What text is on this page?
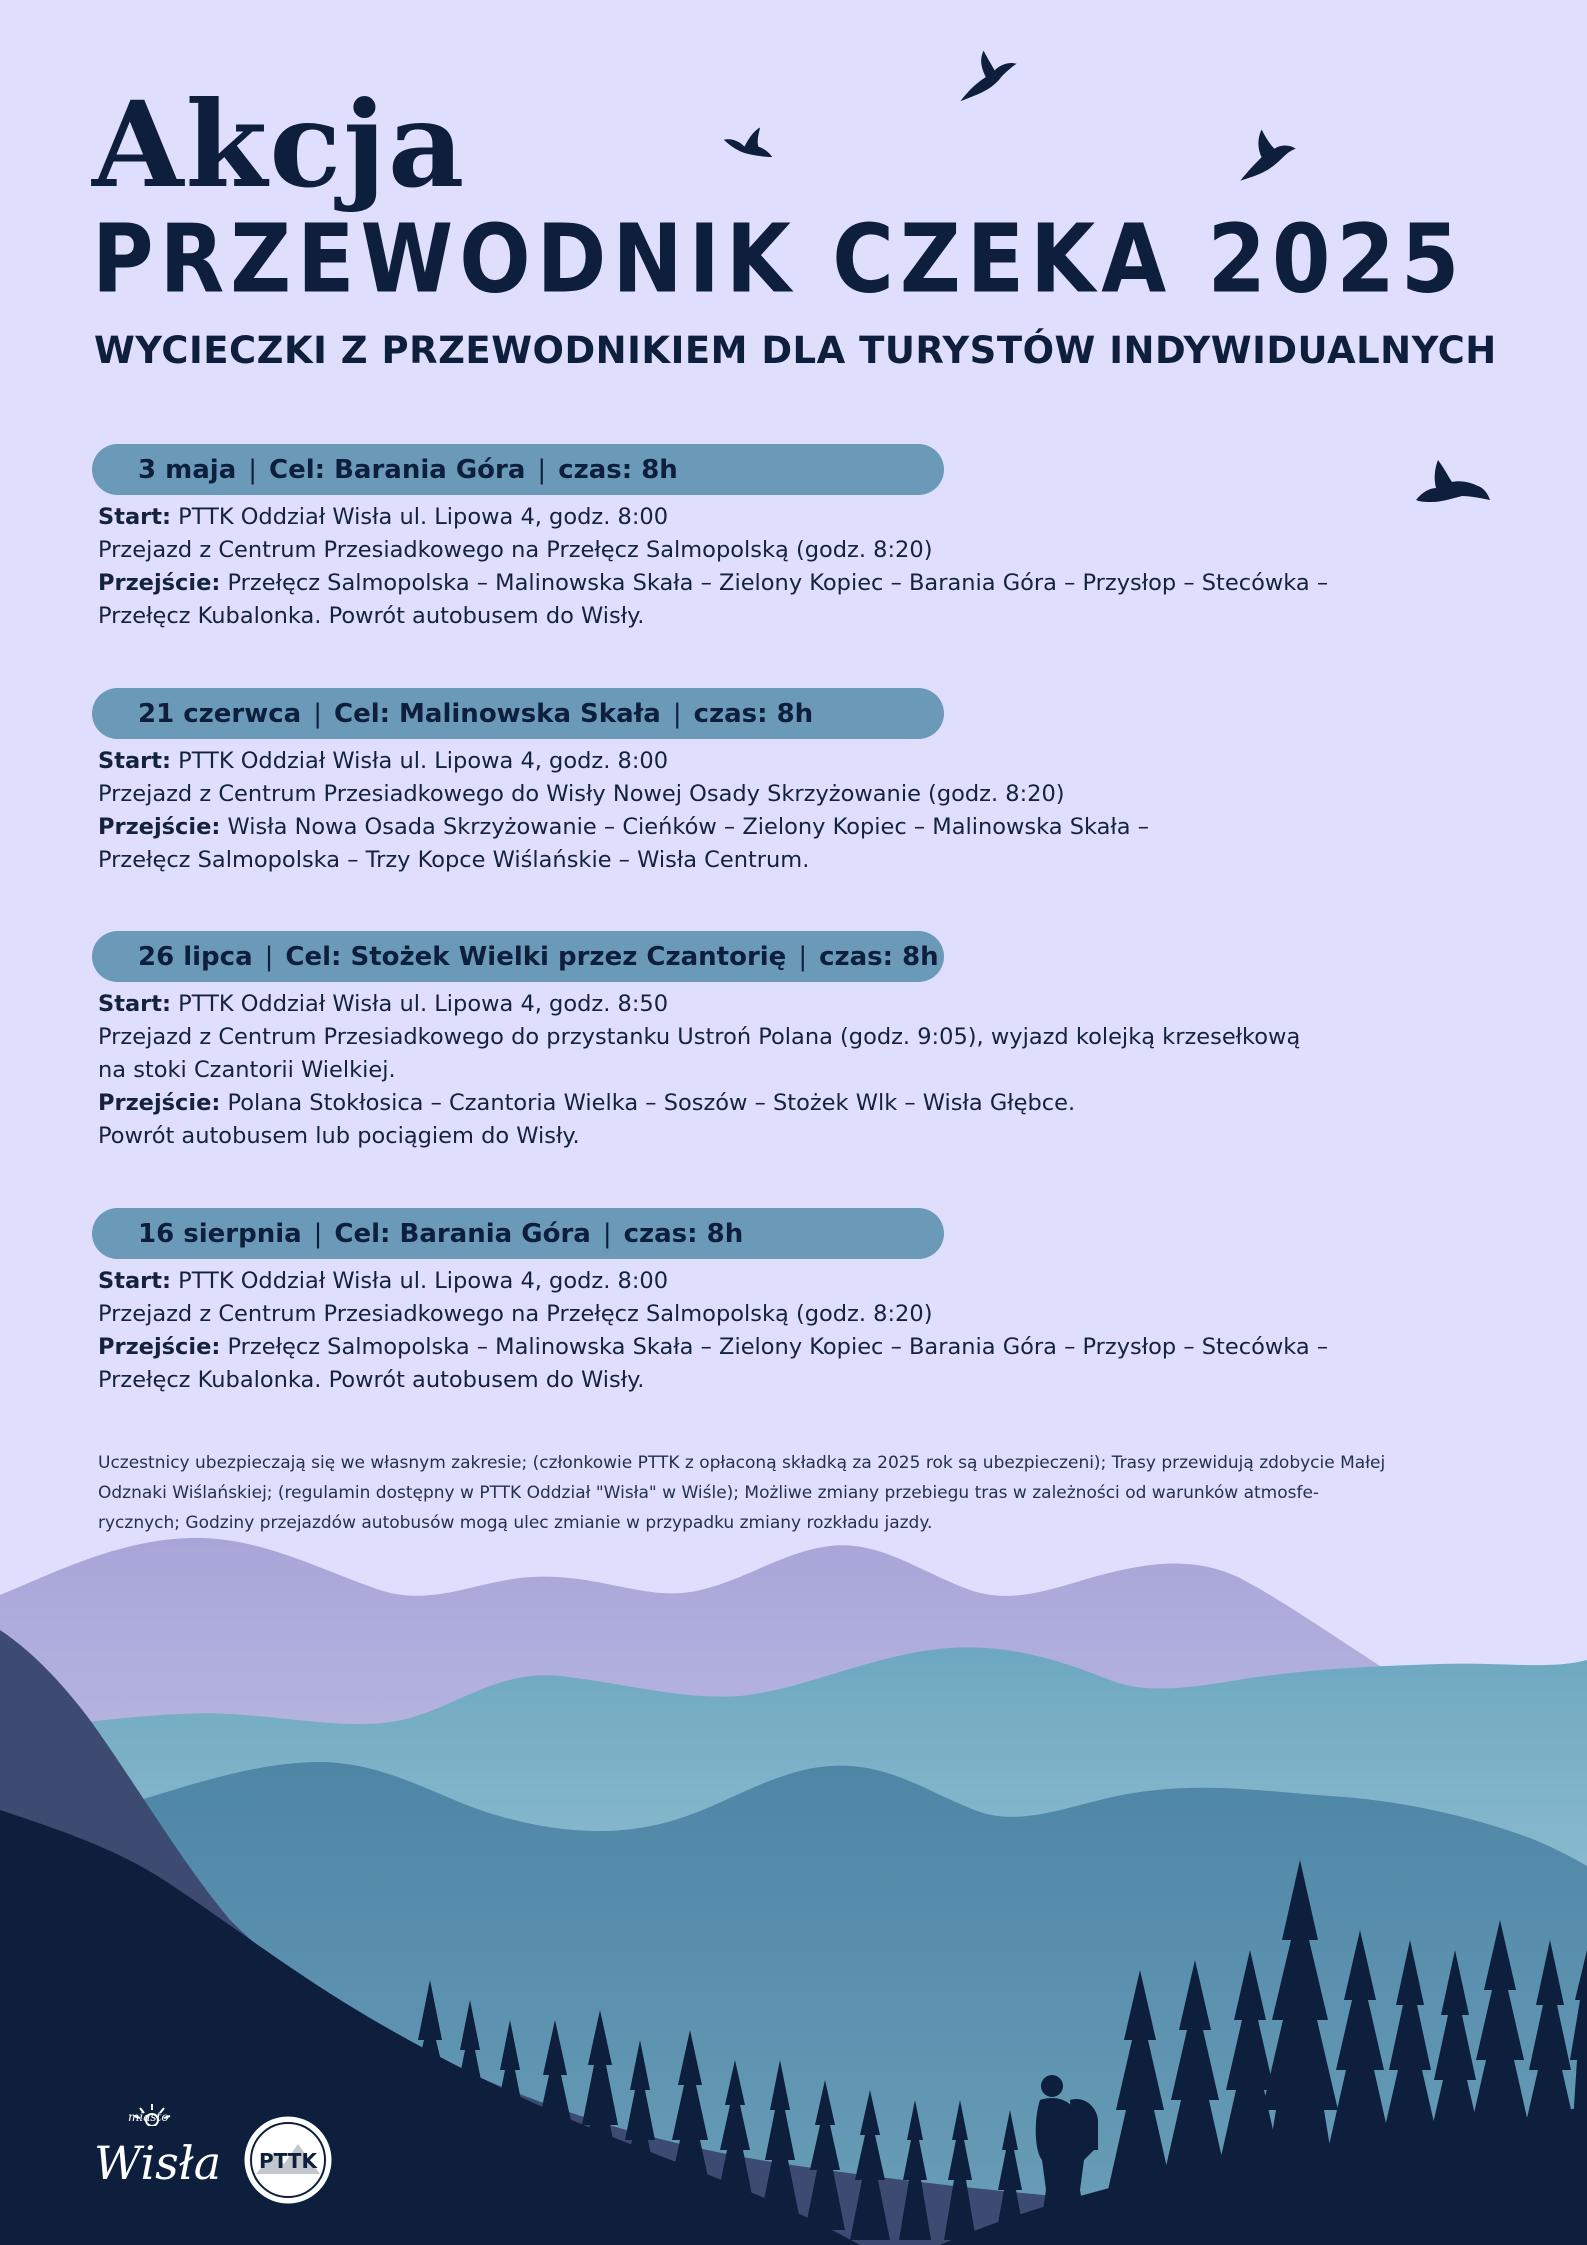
Akcja
PRZEWODNIK CZEKA 2025
WYCIECZKI Z PRZEWODNIKIEM DLA TURYSTÓW INDYWIDUALNYCH
3 maja | Cel: Barania Góra | czas: 8h
Start: PTTK Oddział Wisła ul. Lipowa 4, godz. 8:00
Przejazd z Centrum Przesiadkowego na Przełęcz Salmopolską (godz. 8:20)
Przejście: Przełęcz Salmopolska – Malinowska Skała – Zielony Kopiec – Barania Góra – Przysłop – Stecówka –
Przełęcz Kubalonka. Powrót autobusem do Wisły.
21 czerwca | Cel: Malinowska Skała | czas: 8h
Start: PTTK Oddział Wisła ul. Lipowa 4, godz. 8:00
Przejazd z Centrum Przesiadkowego do Wisły Nowej Osady Skrzyżowanie (godz. 8:20)
Przejście: Wisła Nowa Osada Skrzyżowanie – Cieńków – Zielony Kopiec – Malinowska Skała –
Przełęcz Salmopolska – Trzy Kopce Wiślańskie – Wisła Centrum.
26 lipca | Cel: Stożek Wielki przez Czantorię | czas: 8h
Start: PTTK Oddział Wisła ul. Lipowa 4, godz. 8:50
Przejazd z Centrum Przesiadkowego do przystanku Ustroń Polana (godz. 9:05), wyjazd kolejką krzesełkową
na stoki Czantorii Wielkiej.
Przejście: Polana Stokłosica – Czantoria Wielka – Soszów – Stożek Wlk – Wisła Głębce.
Powrót autobusem lub pociągiem do Wisły.
16 sierpnia | Cel: Barania Góra | czas: 8h
Start: PTTK Oddział Wisła ul. Lipowa 4, godz. 8:00
Przejazd z Centrum Przesiadkowego na Przełęcz Salmopolską (godz. 8:20)
Przejście: Przełęcz Salmopolska – Malinowska Skała – Zielony Kopiec – Barania Góra – Przysłop – Stecówka –
Przełęcz Kubalonka. Powrót autobusem do Wisły.
Uczestnicy ubezpieczają się we własnym zakresie; (członkowie PTTK z opłaconą składką za 2025 rok są ubezpieczeni); Trasy przewidują zdobycie Małej
Odznaki Wiślańskiej; (regulamin dostępny w PTTK Oddział "Wisła" w Wiśle); Możliwe zmiany przebiegu tras w zależności od warunków atmosfe-
rycznych; Godziny przejazdów autobusów mogą ulec zmianie w przypadku zmiany rozkładu jazdy.
miasto
Wisła PTTK
